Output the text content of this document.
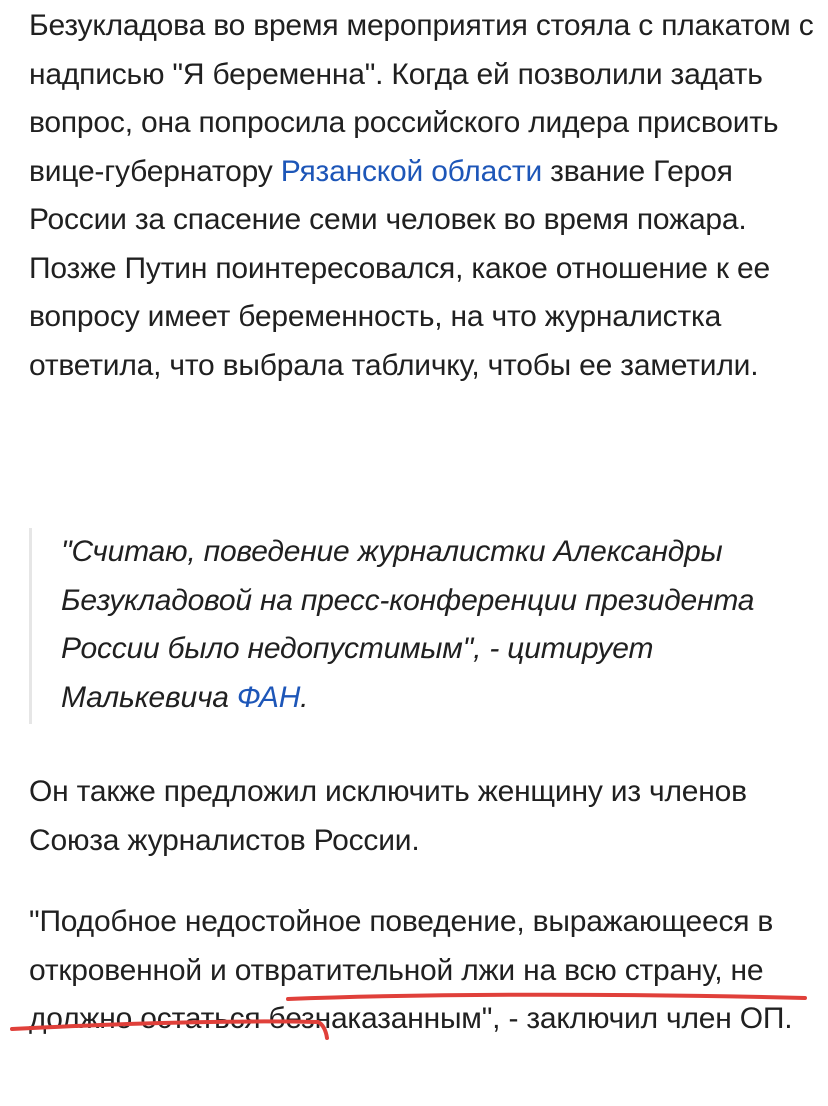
Безукладова во время мероприятия стояла с плакатом с надписью "Я беременна". Когда ей позволили задать вопрос, она попросила российского лидера присвоить вице-губернатору Рязанской области звание Героя России за спасение семи человек во время пожара. Позже Путин поинтересовался, какое отношение к ее вопросу имеет беременность, на что журналистка ответила, что выбрала табличку, чтобы ее заметили.

"Считаю, поведение журналистки Александры Безукладовой на пресс-конференции президента России было недопустимым", - цитирует Малькевича ФАН.

Он также предложил исключить женщину из членов Союза журналистов России.

"Подобное недостойное поведение, выражающееся в откровенной и отвратительной лжи на всю страну, не должно остаться безнаказанным", - заключил член ОП.
